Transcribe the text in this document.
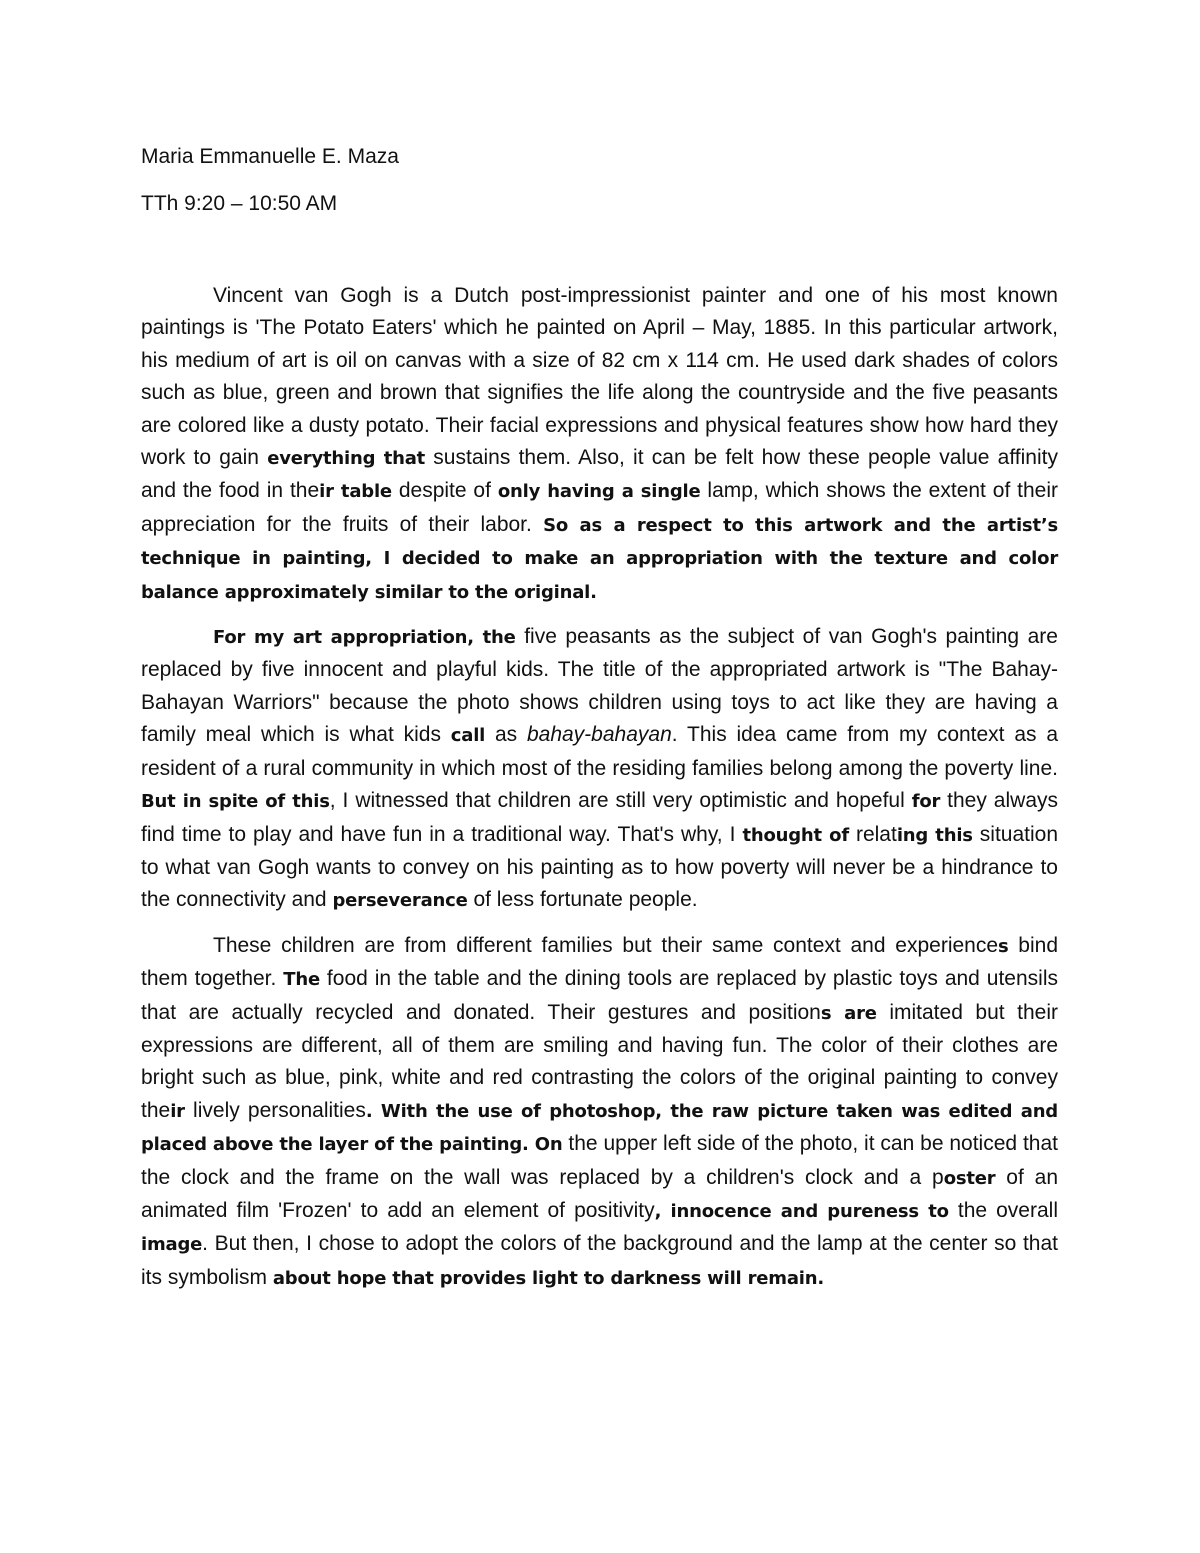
Maria Emmanuelle E. Maza
TTh 9:20 – 10:50 AM

Vincent van Gogh is a Dutch post-impressionist painter and one of his most known paintings is 'The Potato Eaters' which he painted on April – May, 1885. In this particular artwork, his medium of art is oil on canvas with a size of 82 cm x 114 cm. He used dark shades of colors such as blue, green and brown that signifies the life along the countryside and the five peasants are colored like a dusty potato. Their facial expressions and physical features show how hard they work to gain everything that sustains them. Also, it can be felt how these people value affinity and the food in their table despite of only having a single lamp, which shows the extent of their appreciation for the fruits of their labor. So as a respect to this artwork and the artist’s technique in painting, I decided to make an appropriation with the texture and color balance approximately similar to the original.

For my art appropriation, the five peasants as the subject of van Gogh's painting are replaced by five innocent and playful kids. The title of the appropriated artwork is "The Bahay-Bahayan Warriors" because the photo shows children using toys to act like they are having a family meal which is what kids call as bahay-bahayan. This idea came from my context as a resident of a rural community in which most of the residing families belong among the poverty line. But in spite of this, I witnessed that children are still very optimistic and hopeful for they always find time to play and have fun in a traditional way. That's why, I thought of relating this situation to what van Gogh wants to convey on his painting as to how poverty will never be a hindrance to the connectivity and perseverance of less fortunate people.

These children are from different families but their same context and experiences bind them together. The food in the table and the dining tools are replaced by plastic toys and utensils that are actually recycled and donated. Their gestures and positions are imitated but their expressions are different, all of them are smiling and having fun. The color of their clothes are bright such as blue, pink, white and red contrasting the colors of the original painting to convey their lively personalities. With the use of photoshop, the raw picture taken was edited and placed above the layer of the painting. On the upper left side of the photo, it can be noticed that the clock and the frame on the wall was replaced by a children's clock and a poster of an animated film 'Frozen' to add an element of positivity, innocence and pureness to the overall image. But then, I chose to adopt the colors of the background and the lamp at the center so that its symbolism about hope that provides light to darkness will remain.
